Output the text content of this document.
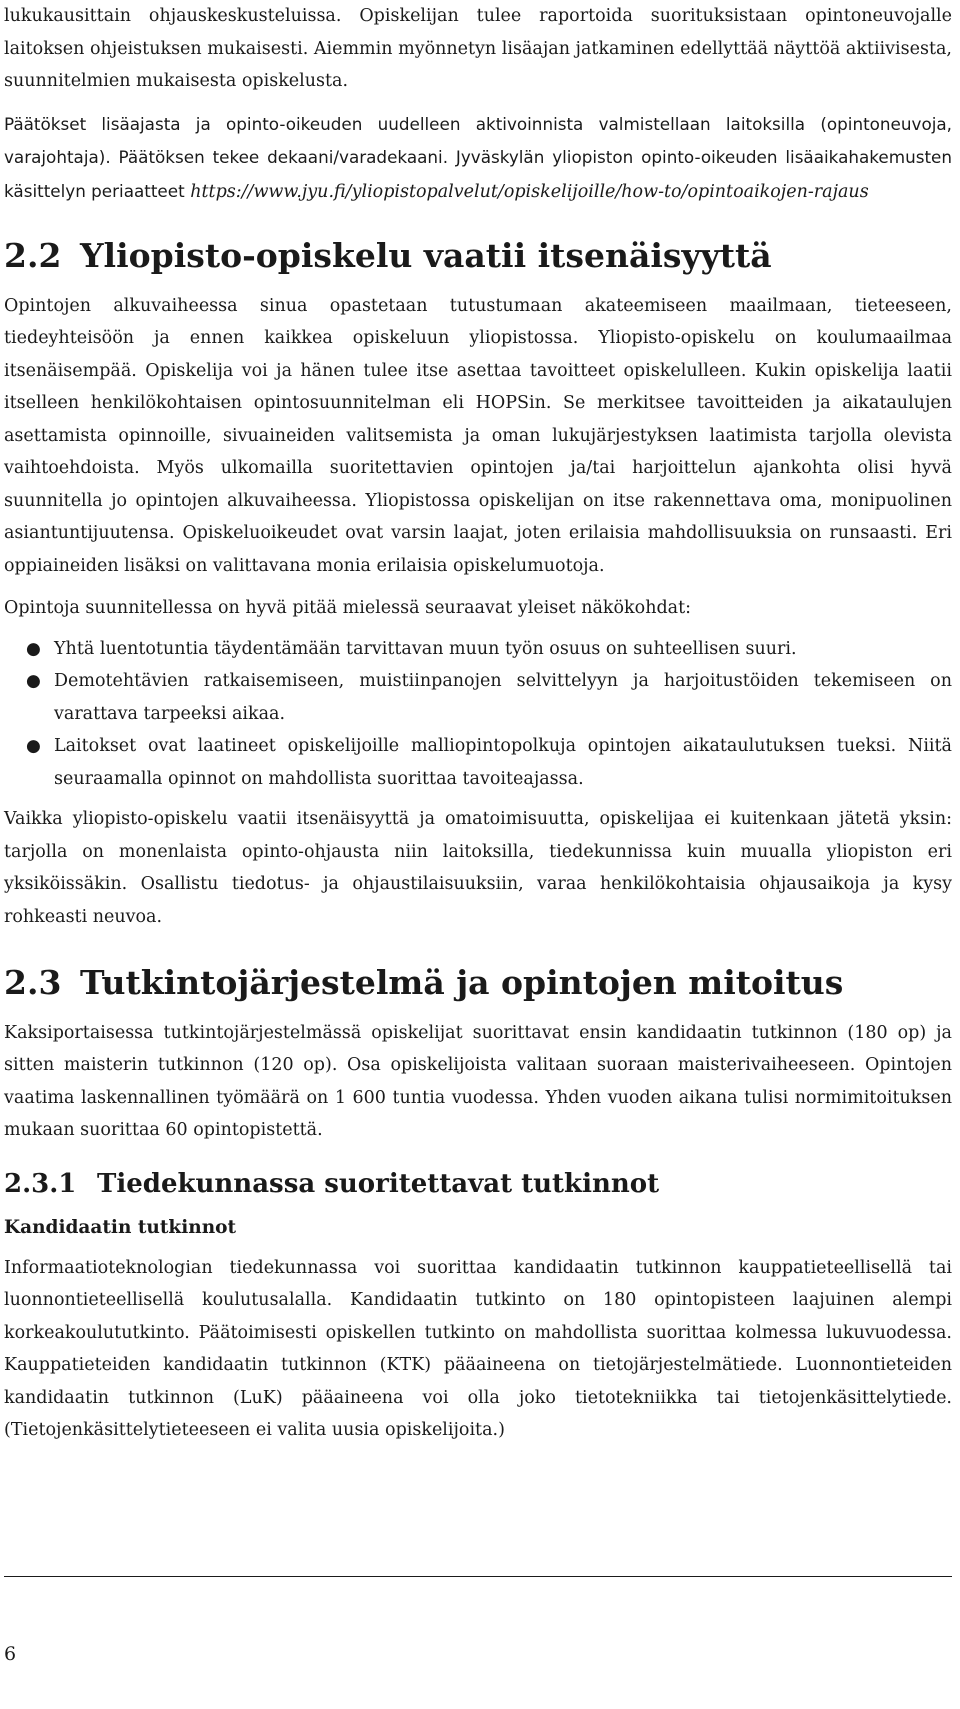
lukukausittain ohjauskeskusteluissa. Opiskelijan tulee raportoida suorituksistaan opintoneuvojalle laitoksen ohjeistuksen mukaisesti. Aiemmin myönnetyn lisäajan jatkaminen edellyttää näyttöä aktiivisesta, suunnitelmien mukaisesta opiskelusta.

Päätökset lisäajasta ja opinto-oikeuden uudelleen aktivoinnista valmistellaan laitoksilla (opintoneuvoja, varajohtaja). Päätöksen tekee dekaani/varadekaani. Jyväskylän yliopiston opinto-oikeuden lisäaikahakemusten käsittelyn periaatteet https://www.jyu.fi/yliopistopalvelut/opiskelijoille/how-to/opintoaikojen-rajaus

2.2 Yliopisto-opiskelu vaatii itsenäisyyttä

Opintojen alkuvaiheessa sinua opastetaan tutustumaan akateemiseen maailmaan, tieteeseen, tiedeyhteisöön ja ennen kaikkea opiskeluun yliopistossa. Yliopisto-opiskelu on koulumaailmaa itsenäisempää. Opiskelija voi ja hänen tulee itse asettaa tavoitteet opiskelulleen. Kukin opiskelija laatii itselleen henkilökohtaisen opintosuunnitelman eli HOPSin. Se merkitsee tavoitteiden ja aikataulujen asettamista opinnoille, sivuaineiden valitsemista ja oman lukujärjestyksen laatimista tarjolla olevista vaihtoehdoista. Myös ulkomailla suoritettavien opintojen ja/tai harjoittelun ajankohta olisi hyvä suunnitella jo opintojen alkuvaiheessa. Yliopistossa opiskelijan on itse rakennettava oma, monipuolinen asiantuntijuutensa. Opiskeluoikeudet ovat varsin laajat, joten erilaisia mahdollisuuksia on runsaasti. Eri oppiaineiden lisäksi on valittavana monia erilaisia opiskelumuotoja.

Opintoja suunnitellessa on hyvä pitää mielessä seuraavat yleiset näkökohdat:

● Yhtä luentotuntia täydentämään tarvittavan muun työn osuus on suhteellisen suuri.
● Demotehtävien ratkaisemiseen, muistiinpanojen selvittelyyn ja harjoitustöiden tekemiseen on varattava tarpeeksi aikaa.
● Laitokset ovat laatineet opiskelijoille malliopintopolkuja opintojen aikataulutuksen tueksi. Niitä seuraamalla opinnot on mahdollista suorittaa tavoiteajassa.

Vaikka yliopisto-opiskelu vaatii itsenäisyyttä ja omatoimisuutta, opiskelijaa ei kuitenkaan jätetä yksin: tarjolla on monenlaista opinto-ohjausta niin laitoksilla, tiedekunnissa kuin muualla yliopiston eri yksiköissäkin. Osallistu tiedotus- ja ohjaustilaisuuksiin, varaa henkilökohtaisia ohjausaikoja ja kysy rohkeasti neuvoa.

2.3 Tutkintojärjestelmä ja opintojen mitoitus

Kaksiportaisessa tutkintojärjestelmässä opiskelijat suorittavat ensin kandidaatin tutkinnon (180 op) ja sitten maisterin tutkinnon (120 op). Osa opiskelijoista valitaan suoraan maisterivaiheeseen. Opintojen vaatima laskennallinen työmäärä on 1 600 tuntia vuodessa. Yhden vuoden aikana tulisi normimitoituksen mukaan suorittaa 60 opintopistettä.

2.3.1 Tiedekunnassa suoritettavat tutkinnot
Kandidaatin tutkinnot

Informaatioteknologian tiedekunnassa voi suorittaa kandidaatin tutkinnon kauppatieteellisellä tai luonnontieteellisellä koulutusalalla. Kandidaatin tutkinto on 180 opintopisteen laajuinen alempi korkeakoulututkinto. Päätoimisesti opiskellen tutkinto on mahdollista suorittaa kolmessa lukuvuodessa. Kauppatieteiden kandidaatin tutkinnon (KTK) pääaineena on tietojärjestelmätiede. Luonnontieteiden kandidaatin tutkinnon (LuK) pääaineena voi olla joko tietotekniikka tai tietojenkäsittelytiede. (Tietojenkäsittelytieteeseen ei valita uusia opiskelijoita.)

6
